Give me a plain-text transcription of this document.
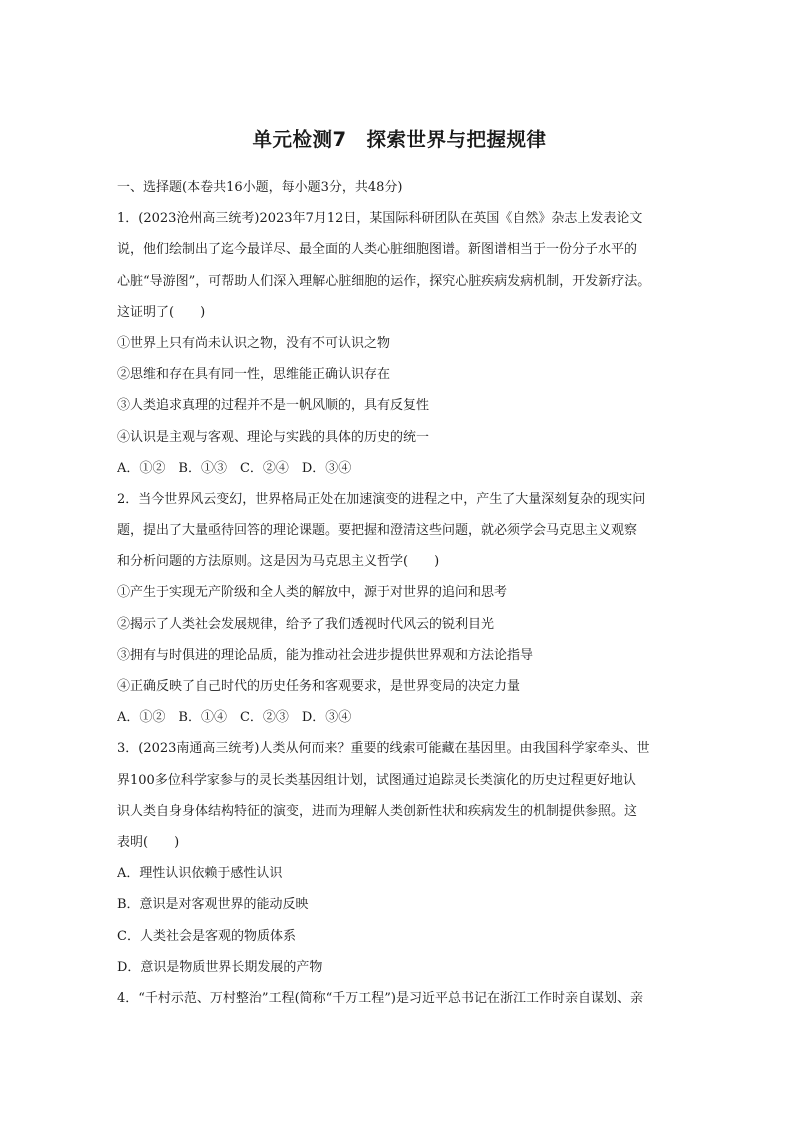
单元检测7　探索世界与把握规律
一、选择题(本卷共16小题，每小题3分，共48分)
1．(2023沧州高三统考)2023年7月12日，某国际科研团队在英国《自然》杂志上发表论文
说，他们绘制出了迄今最详尽、最全面的人类心脏细胞图谱。新图谱相当于一份分子水平的
心脏“导游图”，可帮助人们深入理解心脏细胞的运作，探究心脏疾病发病机制，开发新疗法。
这证明了(　　)
①世界上只有尚未认识之物，没有不可认识之物
②思维和存在具有同一性，思维能正确认识存在
③人类追求真理的过程并不是一帆风顺的，具有反复性
④认识是主观与客观、理论与实践的具体的历史的统一
A．①②　B．①③　C．②④　D．③④
2．当今世界风云变幻，世界格局正处在加速演变的进程之中，产生了大量深刻复杂的现实问
题，提出了大量亟待回答的理论课题。要把握和澄清这些问题，就必须学会马克思主义观察
和分析问题的方法原则。这是因为马克思主义哲学(　　)
①产生于实现无产阶级和全人类的解放中，源于对世界的追问和思考
②揭示了人类社会发展规律，给予了我们透视时代风云的锐利目光
③拥有与时俱进的理论品质，能为推动社会进步提供世界观和方法论指导
④正确反映了自己时代的历史任务和客观要求，是世界变局的决定力量
A．①②　B．①④　C．②③　D．③④
3．(2023南通高三统考)人类从何而来？重要的线索可能藏在基因里。由我国科学家牵头、世
界100多位科学家参与的灵长类基因组计划，试图通过追踪灵长类演化的历史过程更好地认
识人类自身身体结构特征的演变，进而为理解人类创新性状和疾病发生的机制提供参照。这
表明(　　)
A．理性认识依赖于感性认识
B．意识是对客观世界的能动反映
C．人类社会是客观的物质体系
D．意识是物质世界长期发展的产物
4．“千村示范、万村整治”工程(简称“千万工程”)是习近平总书记在浙江工作时亲自谋划、亲
